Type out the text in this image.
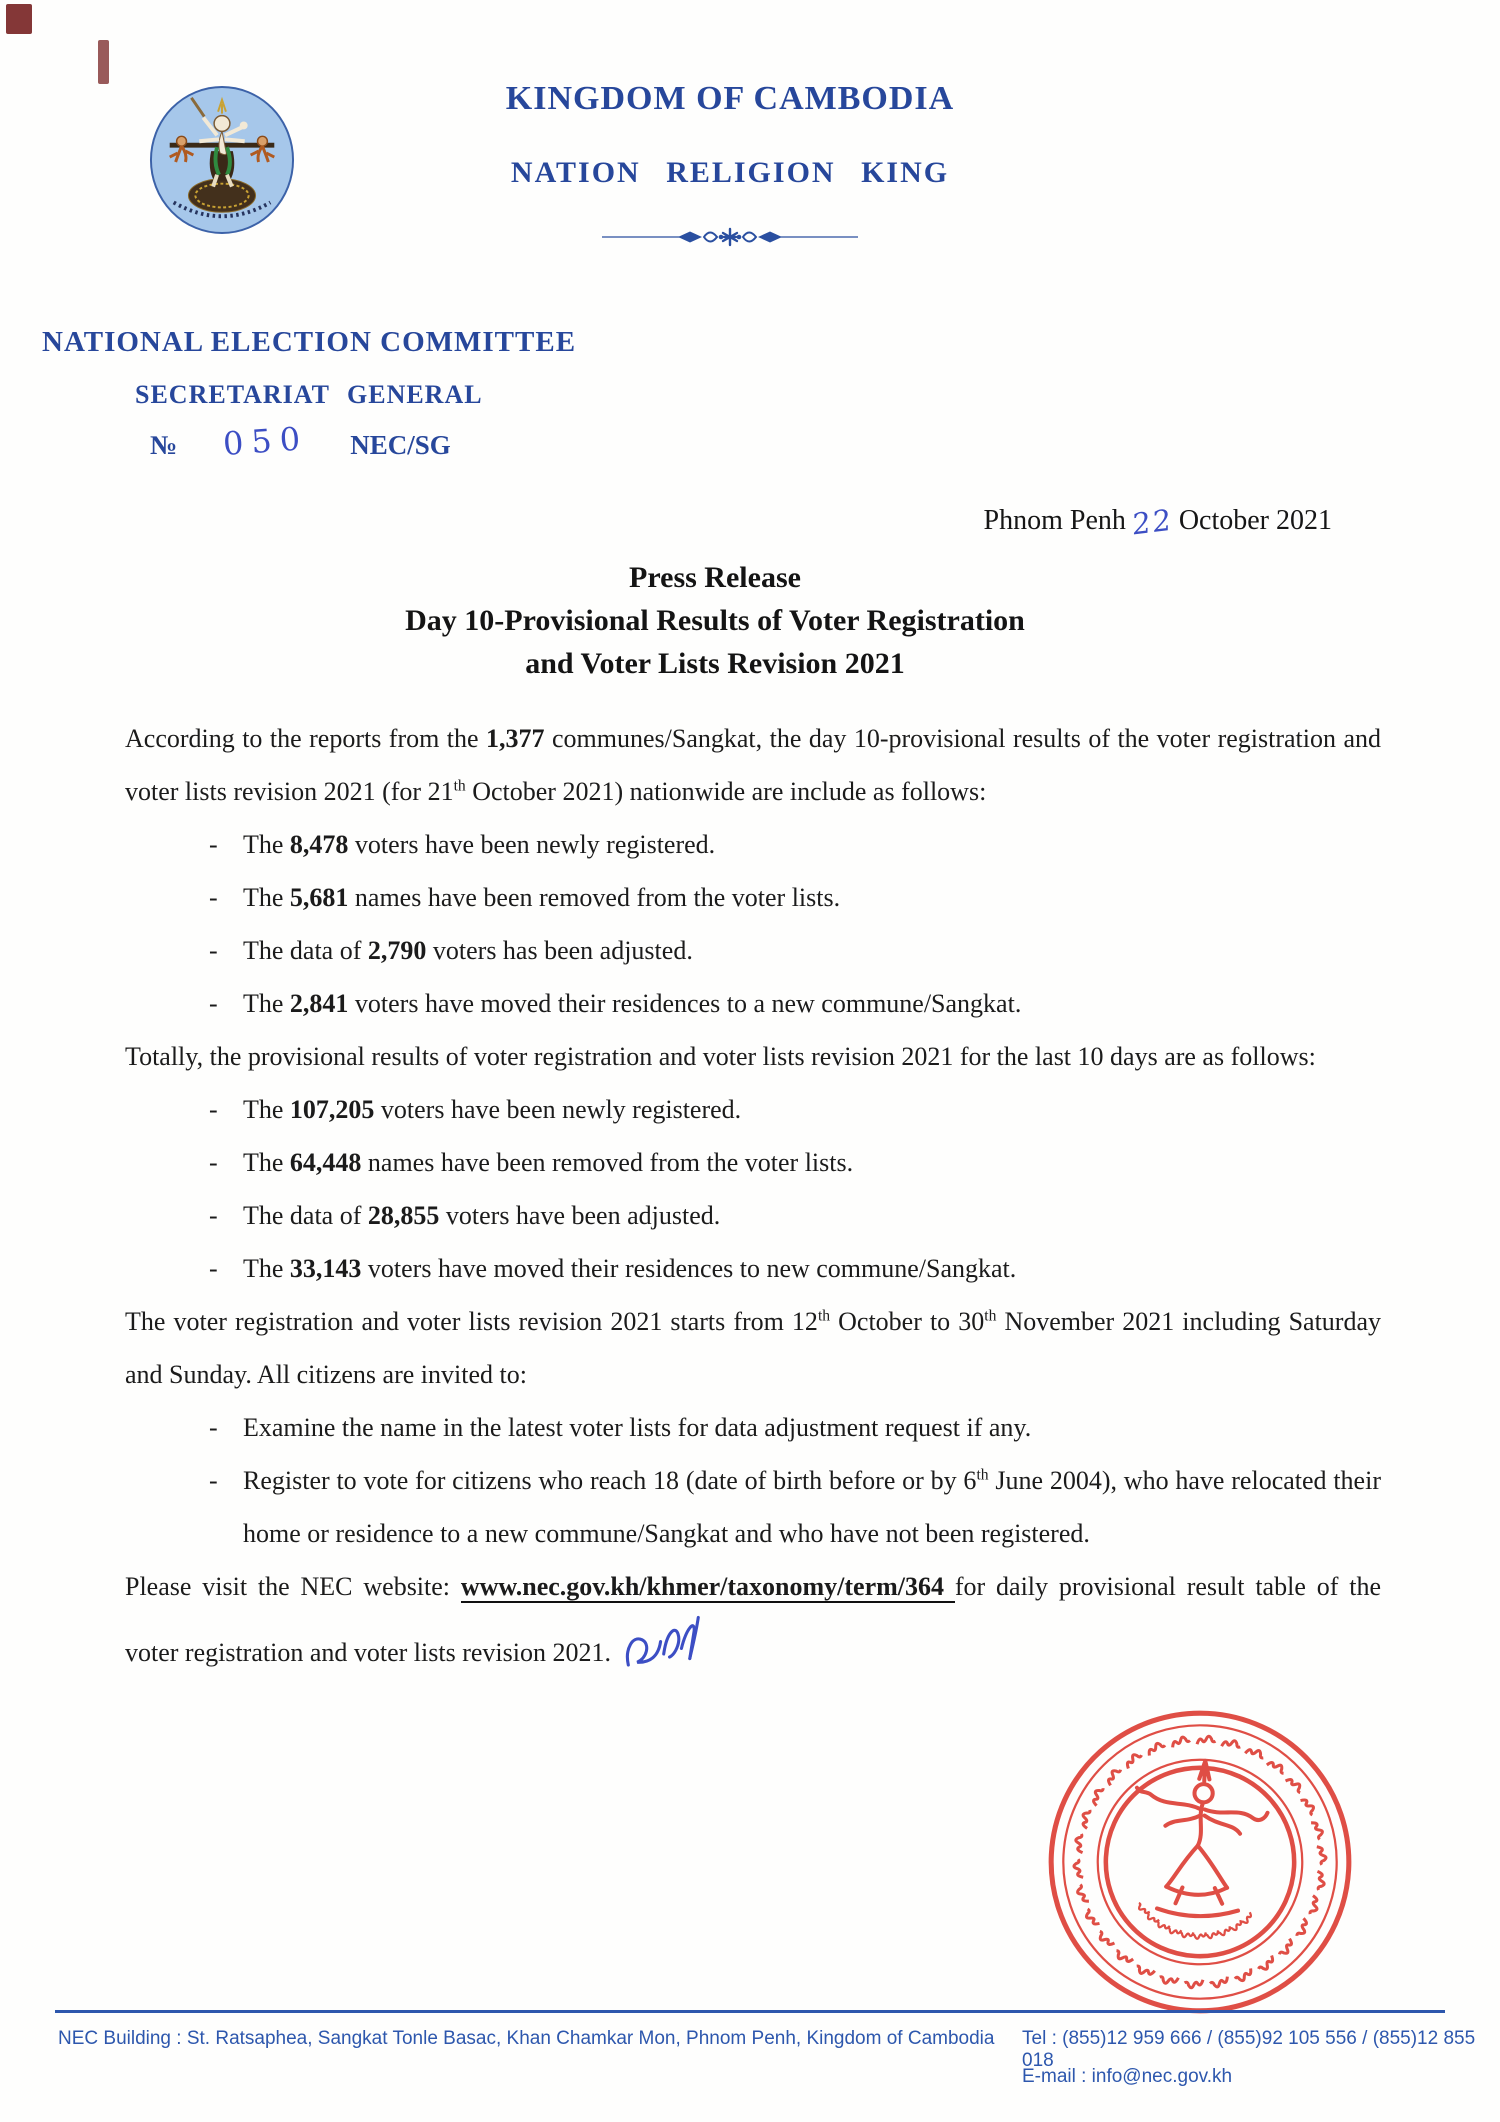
KINGDOM OF CAMBODIA
NATION RELIGION KING
NATIONAL ELECTION COMMITTEE
SECRETARIAT GENERAL
№ 050 NEC/SG
Phnom Penh 22 October 2021
Press Release
Day 10-Provisional Results of Voter Registration
and Voter Lists Revision 2021

According to the reports from the 1,377 communes/Sangkat, the day 10-provisional results of the voter registration and voter lists revision 2021 (for 21th October 2021) nationwide are include as follows:

- The 8,478 voters have been newly registered.
- The 5,681 names have been removed from the voter lists.
- The data of 2,790 voters has been adjusted.
- The 2,841 voters have moved their residences to a new commune/Sangkat.

Totally, the provisional results of voter registration and voter lists revision 2021 for the last 10 days are as follows:

- The 107,205 voters have been newly registered.
- The 64,448 names have been removed from the voter lists.
- The data of 28,855 voters have been adjusted.
- The 33,143 voters have moved their residences to new commune/Sangkat.

The voter registration and voter lists revision 2021 starts from 12th October to 30th November 2021 including Saturday and Sunday. All citizens are invited to:

- Examine the name in the latest voter lists for data adjustment request if any.
- Register to vote for citizens who reach 18 (date of birth before or by 6th June 2004), who have relocated their home or residence to a new commune/Sangkat and who have not been registered.

Please visit the NEC website: www.nec.gov.kh/khmer/taxonomy/term/364 for daily provisional result table of the voter registration and voter lists revision 2021.

NEC Building : St. Ratsaphea, Sangkat Tonle Basac, Khan Chamkar Mon, Phnom Penh, Kingdom of Cambodia	Tel : (855)12 959 666 / (855)92 105 556 / (855)12 855 018
E-mail : info@nec.gov.kh
